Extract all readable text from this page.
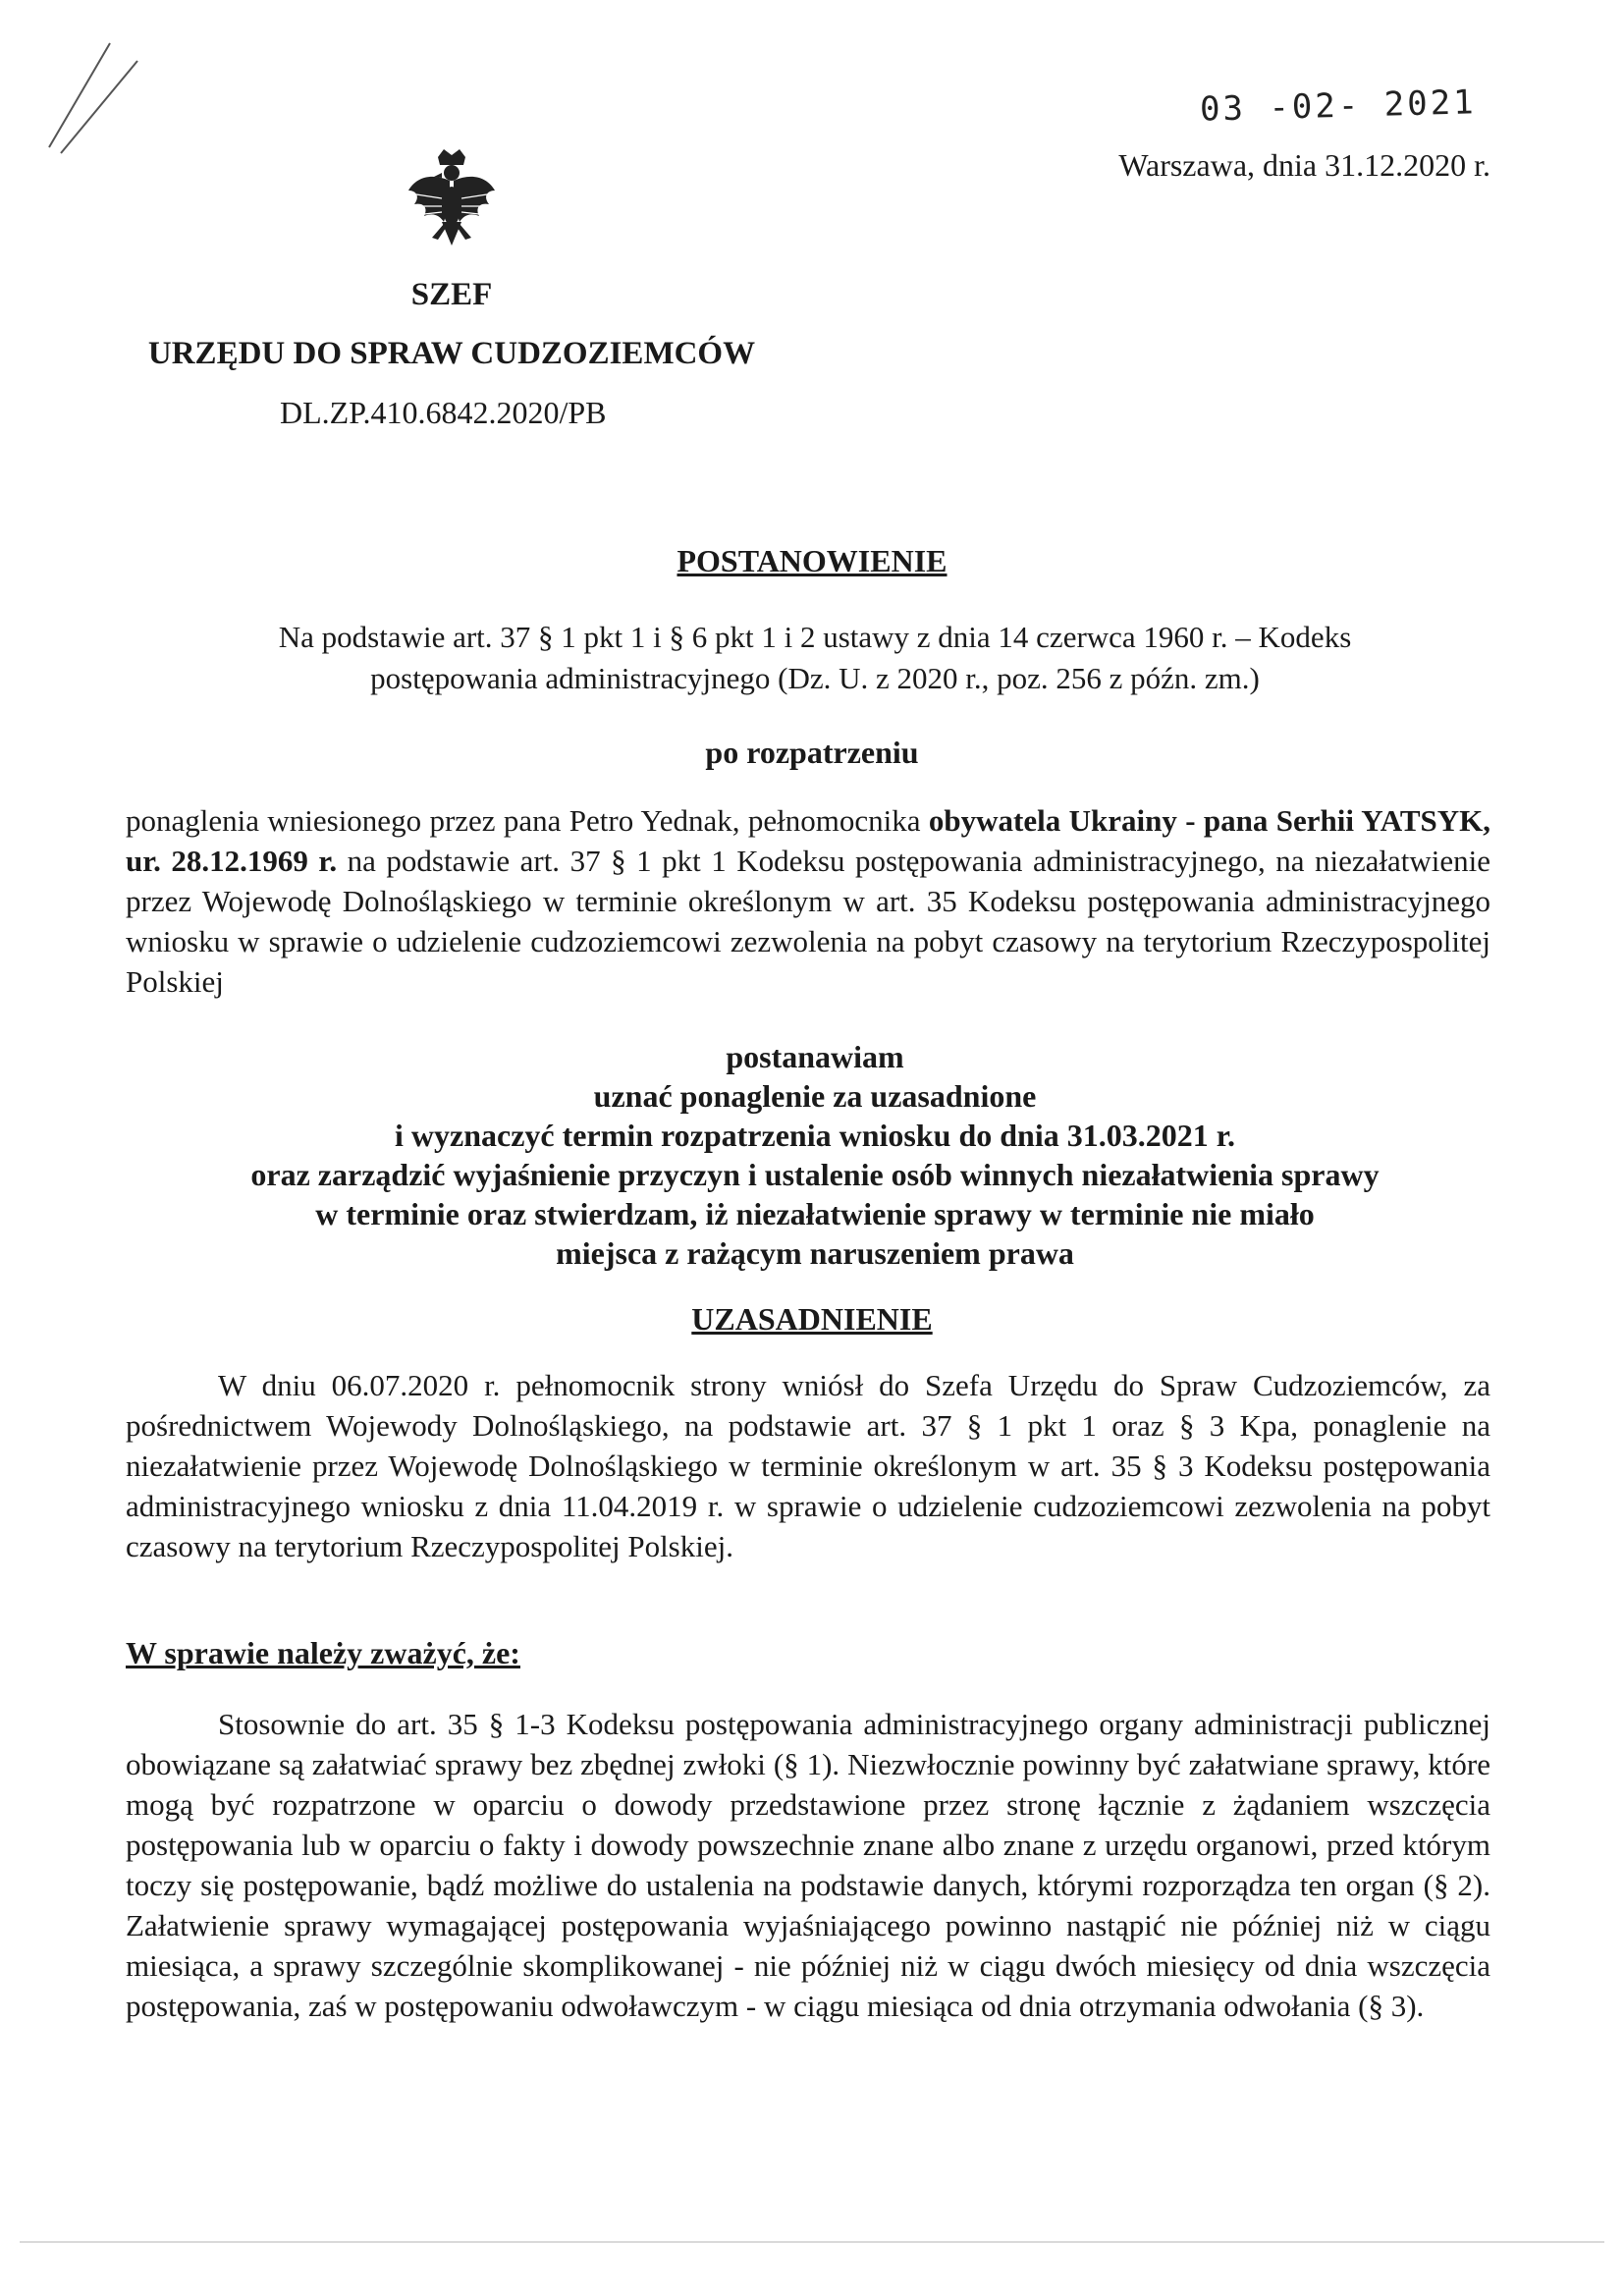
03 -02- 2021
Warszawa, dnia 31.12.2020 r.
SZEF
URZĘDU DO SPRAW CUDZOZIEMCÓW
DL.ZP.410.6842.2020/PB
POSTANOWIENIE
Na podstawie art. 37 § 1 pkt 1 i § 6 pkt 1 i 2 ustawy z dnia 14 czerwca 1960 r. – Kodeks
postępowania administracyjnego (Dz. U. z 2020 r., poz. 256 z późn. zm.)
po rozpatrzeniu
ponaglenia wniesionego przez pana Petro Yednak, pełnomocnika obywatela Ukrainy - pana Serhii YATSYK, ur. 28.12.1969 r. na podstawie art. 37 § 1 pkt 1 Kodeksu postępowania administracyjnego, na niezałatwienie przez Wojewodę Dolnośląskiego w terminie określonym w art. 35 Kodeksu postępowania administracyjnego wniosku w sprawie o udzielenie cudzoziemcowi zezwolenia na pobyt czasowy na terytorium Rzeczypospolitej Polskiej
postanawiam
uznać ponaglenie za uzasadnione
i wyznaczyć termin rozpatrzenia wniosku do dnia 31.03.2021 r.
oraz zarządzić wyjaśnienie przyczyn i ustalenie osób winnych niezałatwienia sprawy
w terminie oraz stwierdzam, iż niezałatwienie sprawy w terminie nie miało
miejsca z rażącym naruszeniem prawa
UZASADNIENIE
W dniu 06.07.2020 r. pełnomocnik strony wniósł do Szefa Urzędu do Spraw Cudzoziemców, za pośrednictwem Wojewody Dolnośląskiego, na podstawie art. 37 § 1 pkt 1 oraz § 3 Kpa, ponaglenie na niezałatwienie przez Wojewodę Dolnośląskiego w terminie określonym w art. 35 § 3 Kodeksu postępowania administracyjnego wniosku z dnia 11.04.2019 r. w sprawie o udzielenie cudzoziemcowi zezwolenia na pobyt czasowy na terytorium Rzeczypospolitej Polskiej.
W sprawie należy zważyć, że:
Stosownie do art. 35 § 1-3 Kodeksu postępowania administracyjnego organy administracji publicznej obowiązane są załatwiać sprawy bez zbędnej zwłoki (§ 1). Niezwłocznie powinny być załatwiane sprawy, które mogą być rozpatrzone w oparciu o dowody przedstawione przez stronę łącznie z żądaniem wszczęcia postępowania lub w oparciu o fakty i dowody powszechnie znane albo znane z urzędu organowi, przed którym toczy się postępowanie, bądź możliwe do ustalenia na podstawie danych, którymi rozporządza ten organ (§ 2). Załatwienie sprawy wymagającej postępowania wyjaśniającego powinno nastąpić nie później niż w ciągu miesiąca, a sprawy szczególnie skomplikowanej - nie później niż w ciągu dwóch miesięcy od dnia wszczęcia postępowania, zaś w postępowaniu odwoławczym - w ciągu miesiąca od dnia otrzymania odwołania (§ 3).
